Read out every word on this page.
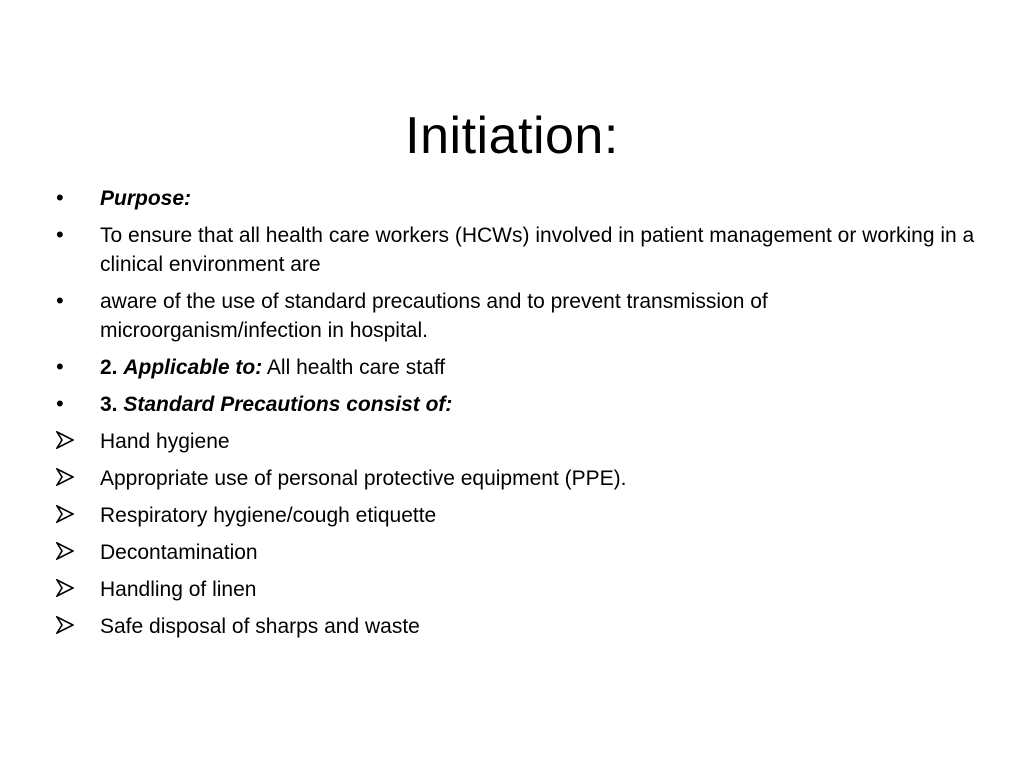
Initiation:
•	Purpose:
•	To ensure that all health care workers (HCWs) involved in patient management or working in a clinical environment are
•	aware of the use of standard precautions and to prevent transmission of microorganism/infection in hospital.
•	2. Applicable to: All health care staff
•	3. Standard Precautions consist of:
Hand hygiene
Appropriate use of personal protective equipment (PPE).
Respiratory hygiene/cough etiquette
Decontamination
Handling of linen
Safe disposal of sharps and waste
